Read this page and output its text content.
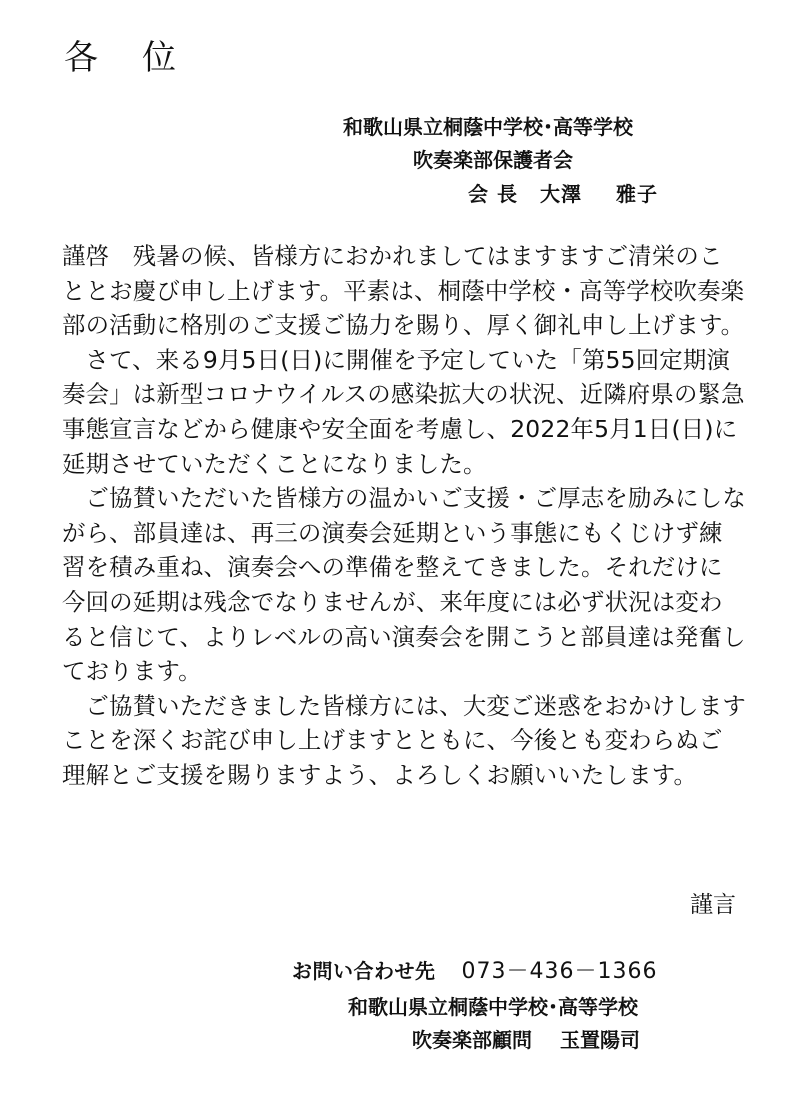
各位
和歌山県立桐蔭中学校･高等学校
吹奏楽部保護者会
会 長 大澤 雅子

謹啓　残暑の候、皆様方におかれましてはますますご清栄のこととお慶び申し上げます。平素は、桐蔭中学校・高等学校吹奏楽部の活動に格別のご支援ご協力を賜り、厚く御礼申し上げます。

さて、来る9月5日(日)に開催を予定していた「第55回定期演奏会」は新型コロナウイルスの感染拡大の状況、近隣府県の緊急事態宣言などから健康や安全面を考慮し、2022年5月1日(日)に延期させていただくことになりました。

ご協賛いただいた皆様方の温かいご支援・ご厚志を励みにしながら、部員達は、再三の演奏会延期という事態にもくじけず練習を積み重ね、演奏会への準備を整えてきました。それだけに今回の延期は残念でなりませんが、来年度には必ず状況は変わると信じて、よりレベルの高い演奏会を開こうと部員達は発奮しております。

ご協賛いただきました皆様方には、大変ご迷惑をおかけしますことを深くお詫び申し上げますとともに、今後とも変わらぬご理解とご支援を賜りますよう、よろしくお願いいたします。

謹言
お問い合わせ先 073－436－1366
和歌山県立桐蔭中学校･高等学校
吹奏楽部顧問 玉置陽司
